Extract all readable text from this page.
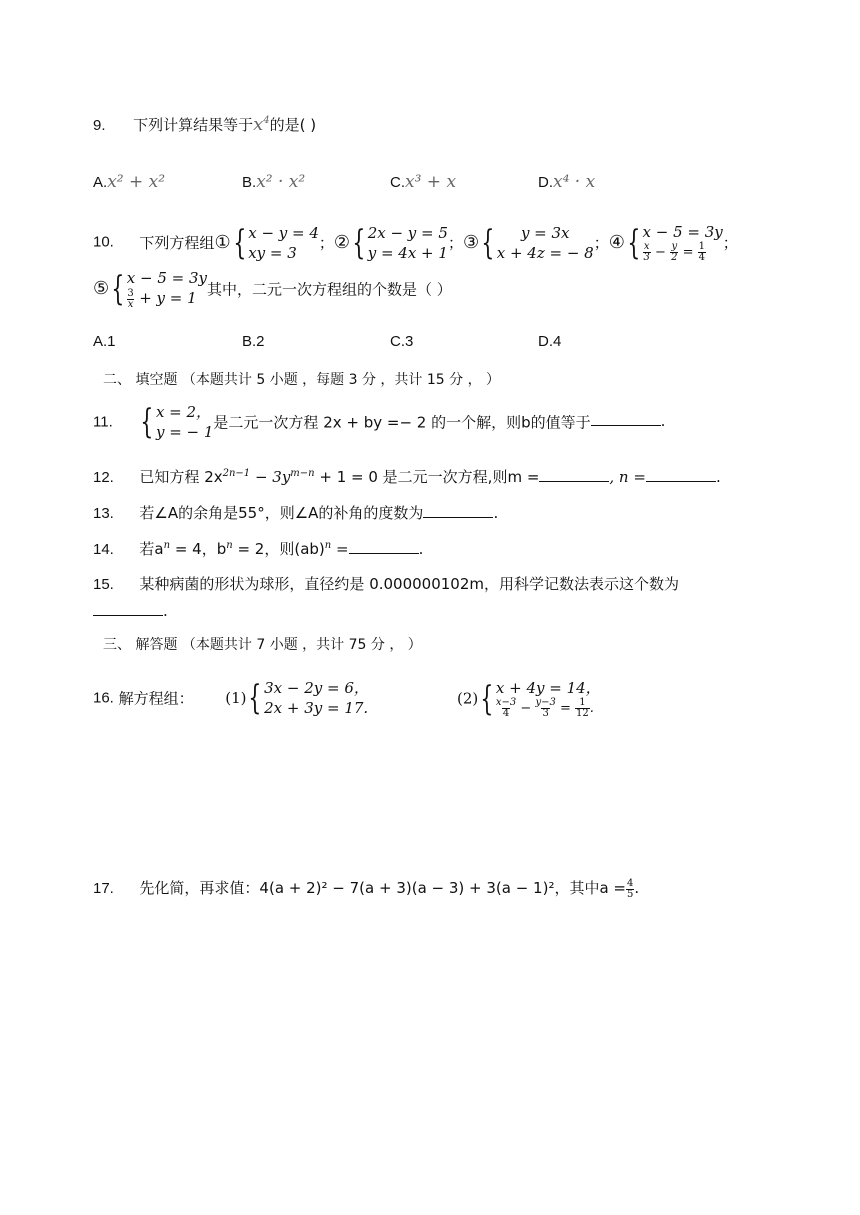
9. 下列计算结果等于$x^4$的是( )
A.x² + x²	B.x² · x²	C.x³ + x	D.x⁴ · x
10. 下列方程组 ① { x − y = 4
xy = 3
； ② { 2x − y = 5
y = 4x + 1
； ③ { y = 3x
x + 4z = − 8
； ④ { x − 5 = 3y
$\frac{x}{3} - \frac{y}{2} = \frac{1}{4}$ ；
⑤ { x − 5 = 3y
$\frac{3}{x} + y = 1$ 其中，二元一次方程组的个数是（ ）
A.1	B.2	C.3	D.4
二、 填空题 （本题共计 5 小题 ，每题 3 分 ，共计 15 分 ， ）
11. { x = 2，
y = − 1
是二元一次方程 2x + by =− 2 的一个解，则b的值等于	.
12. 已知方程 $2x^{2n-1} - 3y^{m-n} + 1 = 0$ 是二元一次方程,则m =	, n =	.
13. 若∠A的余角是55°，则∠A的补角的度数为	.
14. 若$a^n = 4$，$b^n = 2$，则(ab)$^n$ =	.
15. 某种病菌的形状为球形，直径约是 0.000000102m，用科学记数法表示这个数为
.
三、 解答题 （本题共计 7 小题 ，共计 75 分 ， ）
16. 解方程组： (1) { 3x − 2y = 6，
2x + 3y = 17.
(2) { x + 4y = 14，
$\frac{x-3}{4} - \frac{y-3}{3} = \frac{1}{12}$ .
17. 先化简，再求值：4(a + 2)² − 7(a + 3)(a − 3) + 3(a − 1)²，其中$a = \frac{4}{5}$ .
